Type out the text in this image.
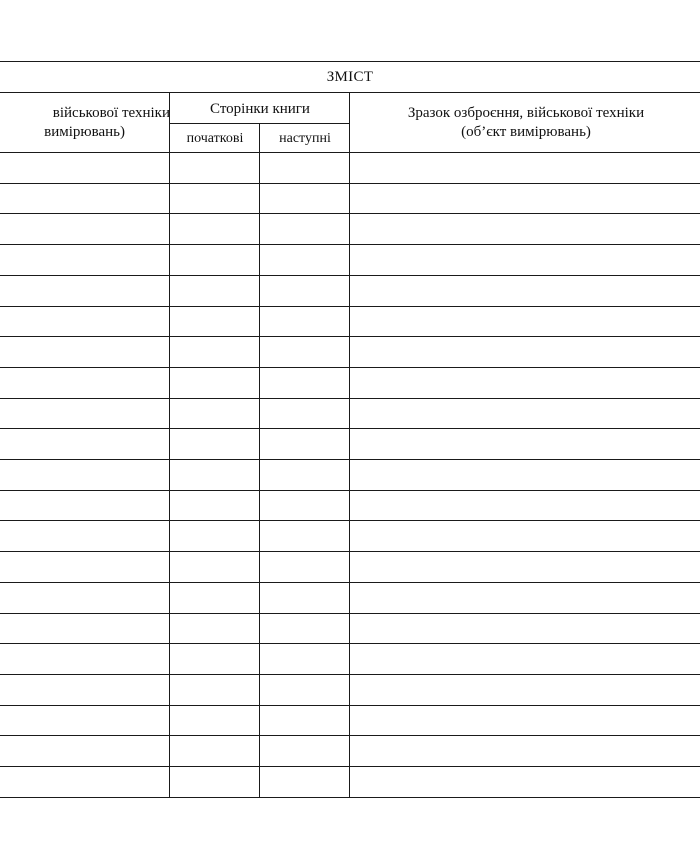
ЗМІСТ
військової техніки
вимірювань)
Сторінки книги
початкові	наступні
Зразок озброєння, військової техніки
(об’єкт вимірювань)
